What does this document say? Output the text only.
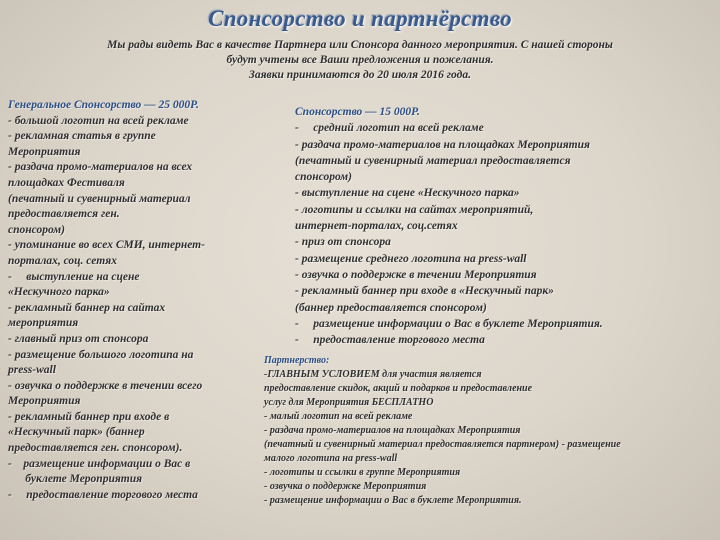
Спонсорство и партнёрство
Мы рады видеть Вас в качестве Партнера или Спонсора данного мероприятия. С нашей стороны
будут учтены все Ваши предложения и пожелания.
Заявки принимаются до 20 июля 2016 года.
Генеральное Спонсорство — 25 000Р.
- большой логотип на всей рекламе
- рекламная статья в группе
Мероприятия
- раздача промо-материалов на всех
площадках Фестиваля
(печатный и сувенирный материал
предоставляется ген.
спонсором)
- упоминание во всех СМИ, интернет-
порталах, соц. сетях
-     выступление на сцене
«Нескучного парка»
- рекламный баннер на сайтах
мероприятия
- главный приз от спонсора
- размещение большого логотипа на
press-wall
- озвучка о поддержке в течении всего
Мероприятия
- рекламный баннер при входе в
«Нескучный парк» (баннер
предоставляется ген. спонсором).
-    размещение информации о Вас в
буклете Мероприятия
-     предоставление торгового места
Спонсорство — 15 000Р.
-     средний логотип на всей рекламе
- раздача промо-материалов на площадках Мероприятия
(печатный и сувенирный материал предоставляется
спонсором)
- выступление на сцене «Нескучного парка»
- логотипы и ссылки на сайтах мероприятий,
интернет-порталах, соц.сетях
- приз от спонсора
- размещение среднего логотипа на press-wall
- озвучка о поддержке в течении Мероприятия
- рекламный баннер при входе в «Нескучный парк»
(баннер предоставляется спонсором)
-     размещение информации о Вас в буклете Мероприятия.
-     предоставление торгового места
Партнерство:
-ГЛАВНЫМ УСЛОВИЕМ для участия является
предоставление скидок, акций и подарков и предоставление
услуг для Мероприятия БЕСПЛАТНО
- малый логотип на всей рекламе
- раздача промо-материалов на площадках Мероприятия
(печатный и сувенирный материал предоставляется партнером) - размещение
малого логотипа на press-wall
- логотипы и ссылки в группе Мероприятия
- озвучка о поддержке Мероприятия
- размещение информации о Вас в буклете Мероприятия.
